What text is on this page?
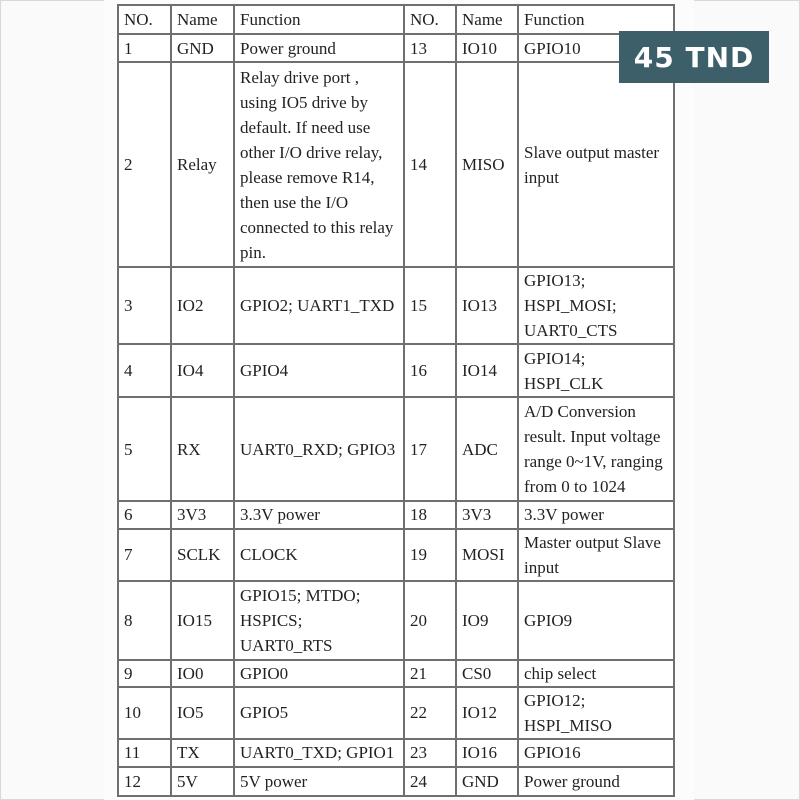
NO.	Name	Function	NO.	Name	Function
1	GND	Power ground	13	IO10	GPIO10
2	Relay	Relay drive port , using IO5 drive by default. If need use other I/O drive relay, please remove R14, then use the I/O connected to this relay pin.	14	MISO	Slave output master input
3	IO2	GPIO2; UART1_TXD	15	IO13	GPIO13; HSPI_MOSI; UART0_CTS
4	IO4	GPIO4	16	IO14	GPIO14; HSPI_CLK
5	RX	UART0_RXD; GPIO3	17	ADC	A/D Conversion result. Input voltage range 0~1V, ranging from 0 to 1024
6	3V3	3.3V power	18	3V3	3.3V power
7	SCLK	CLOCK	19	MOSI	Master output Slave input
8	IO15	GPIO15; MTDO; HSPICS; UART0_RTS	20	IO9	GPIO9
9	IO0	GPIO0	21	CS0	chip select
10	IO5	GPIO5	22	IO12	GPIO12; HSPI_MISO
11	TX	UART0_TXD; GPIO1	23	IO16	GPIO16
12	5V	5V power	24	GND	Power ground
45 TND
